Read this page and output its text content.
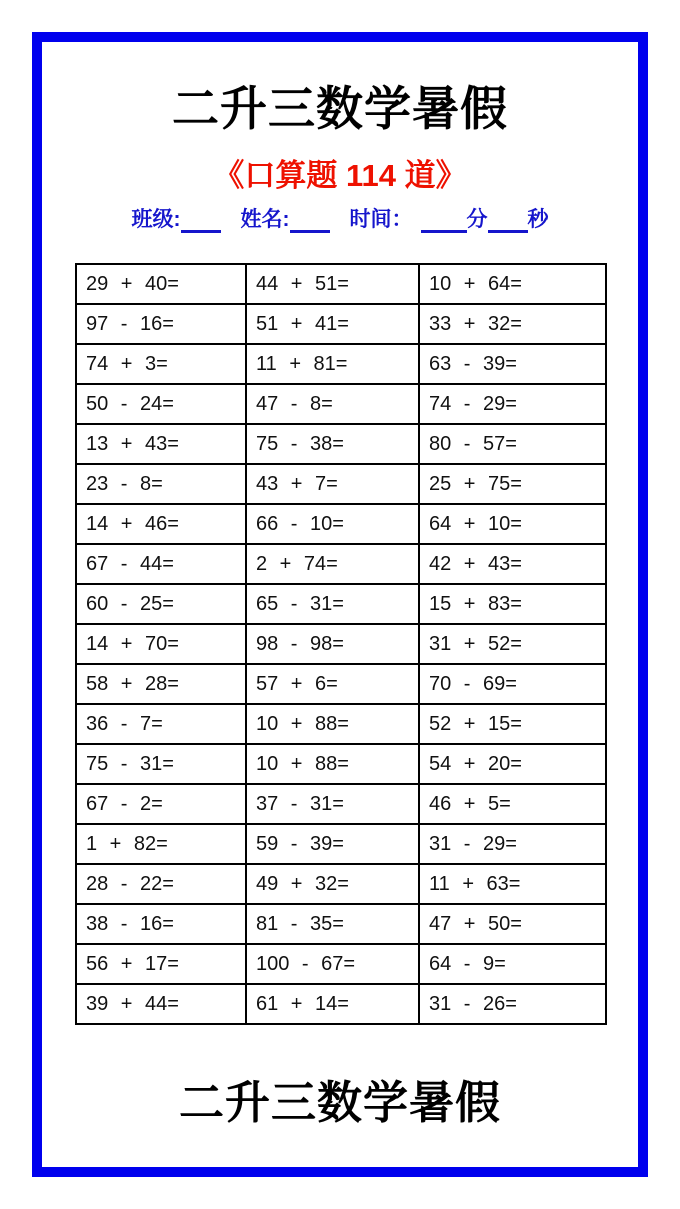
二升三数学暑假
《口算题 114 道》
班级:	姓名:	时间：	分 秒
29 + 40=	44 + 51=	10 + 64=
97 - 16=	51 + 41=	33 + 32=
74 + 3=	11 + 81=	63 - 39=
50 - 24=	47 - 8=	74 - 29=
13 + 43=	75 - 38=	80 - 57=
23 - 8=	43 + 7=	25 + 75=
14 + 46=	66 - 10=	64 + 10=
67 - 44=	2 + 74=	42 + 43=
60 - 25=	65 - 31=	15 + 83=
14 + 70=	98 - 98=	31 + 52=
58 + 28=	57 + 6=	70 - 69=
36 - 7=	10 + 88=	52 + 15=
75 - 31=	10 + 88=	54 + 20=
67 - 2=	37 - 31=	46 + 5=
1 + 82=	59 - 39=	31 - 29=
28 - 22=	49 + 32=	11 + 63=
38 - 16=	81 - 35=	47 + 50=
56 + 17=	100 - 67=	64 - 9=
39 + 44=	61 + 14=	31 - 26=
二升三数学暑假
